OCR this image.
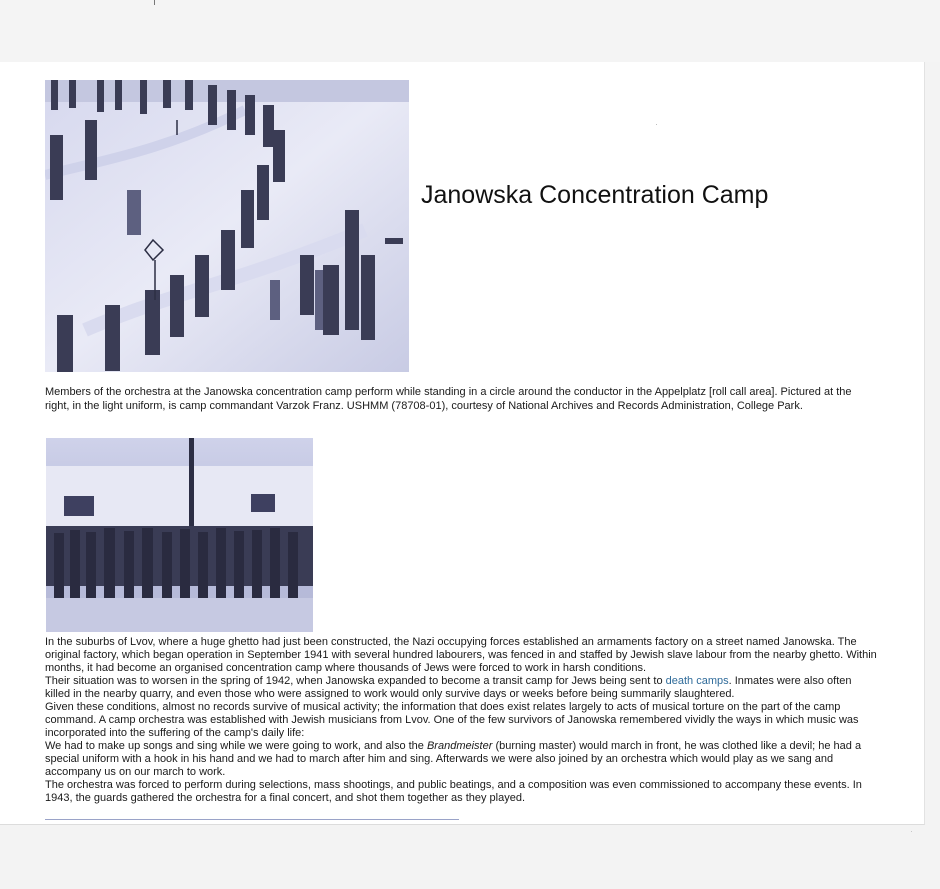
Janowska Concentration Camp
·
Members of the orchestra at the Janowska concentration camp perform while standing in a circle around the conductor in the Appelplatz [roll call area]. Pictured at the right, in the light uniform, is camp commandant Varzok Franz. USHMM (78708-01), courtesy of National Archives and Records Administration, College Park.

In the suburbs of Lvov, where a huge ghetto had just been constructed, the Nazi occupying forces established an armaments factory on a street named Janowska. The original factory, which began operation in September 1941 with several hundred labourers, was fenced in and staffed by Jewish slave labour from the nearby ghetto. Within months, it had become an organised concentration camp where thousands of Jews were forced to work in harsh conditions.

Their situation was to worsen in the spring of 1942, when Janowska expanded to become a transit camp for Jews being sent to death camps. Inmates were also often killed in the nearby quarry, and even those who were assigned to work would only survive days or weeks before being summarily slaughtered.

Given these conditions, almost no records survive of musical activity; the information that does exist relates largely to acts of musical torture on the part of the camp command. A camp orchestra was established with Jewish musicians from Lvov. One of the few survivors of Janowska remembered vividly the ways in which music was incorporated into the suffering of the camp's daily life:

We had to make up songs and sing while we were going to work, and also the Brandmeister (burning master) would march in front, he was clothed like a devil; he had a special uniform with a hook in his hand and we had to march after him and sing. Afterwards we were also joined by an orchestra which would play as we sang and accompany us on our march to work.

The orchestra was forced to perform during selections, mass shootings, and public beatings, and a composition was even commissioned to accompany these events. In 1943, the guards gathered the orchestra for a final concert, and shot them together as they played.

·
